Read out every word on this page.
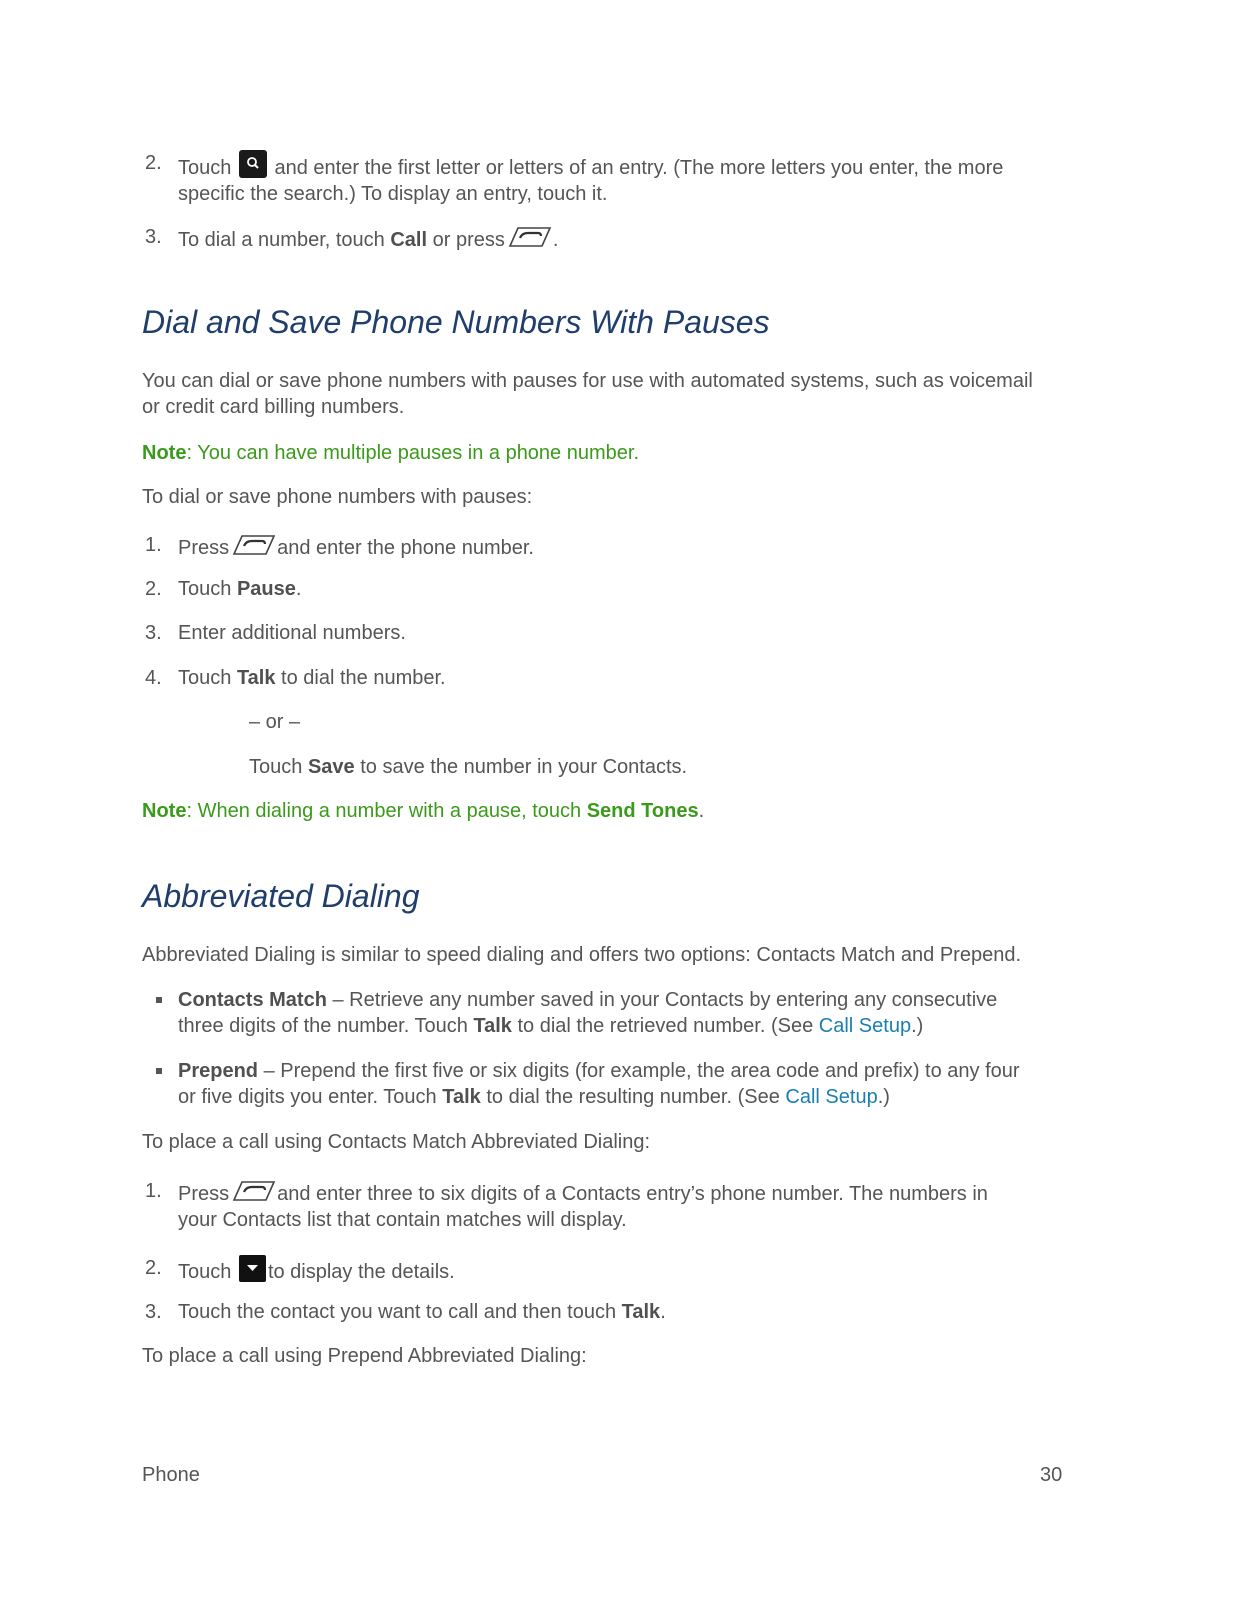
2. Touch and enter the first letter or letters of an entry. (The more letters you enter, the more
specific the search.) To display an entry, touch it.
3. To dial a number, touch Call or press .
Dial and Save Phone Numbers With Pauses
You can dial or save phone numbers with pauses for use with automated systems, such as voicemail
or credit card billing numbers.
Note: You can have multiple pauses in a phone number.
To dial or save phone numbers with pauses:
1. Press and enter the phone number.
2. Touch Pause.
3. Enter additional numbers.
4. Touch Talk to dial the number.
– or –
Touch Save to save the number in your Contacts.
Note: When dialing a number with a pause, touch Send Tones.
Abbreviated Dialing
Abbreviated Dialing is similar to speed dialing and offers two options: Contacts Match and Prepend.
Contacts Match – Retrieve any number saved in your Contacts by entering any consecutive
three digits of the number. Touch Talk to dial the retrieved number. (See Call Setup.)
Prepend – Prepend the first five or six digits (for example, the area code and prefix) to any four
or five digits you enter. Touch Talk to dial the resulting number. (See Call Setup.)
To place a call using Contacts Match Abbreviated Dialing:
1. Press and enter three to six digits of a Contacts entry’s phone number. The numbers in
your Contacts list that contain matches will display.
2. Touch to display the details.
3. Touch the contact you want to call and then touch Talk.
To place a call using Prepend Abbreviated Dialing:
Phone	30
